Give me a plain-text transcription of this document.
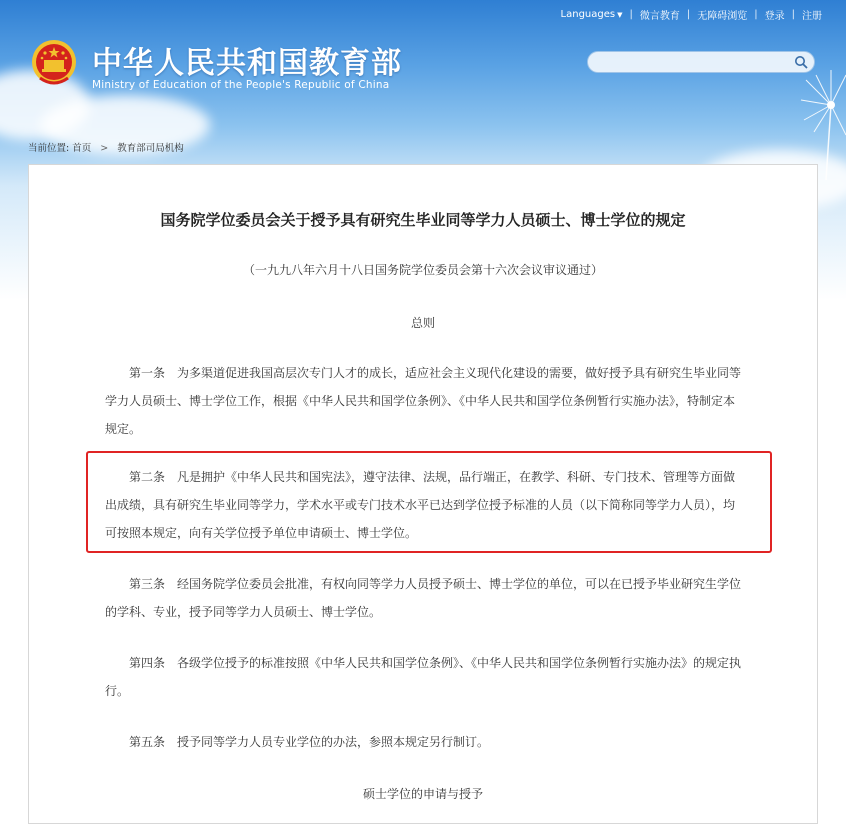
Languages ▼ | 微言教育 | 无障碍浏览 | 登录 | 注册
中华人民共和国教育部
Ministry of Education of the People's Republic of China
当前位置: 首页 > 教育部司局机构
国务院学位委员会关于授予具有研究生毕业同等学力人员硕士、博士学位的规定
（一九九八年六月十八日国务院学位委员会第十六次会议审议通过）
总则

第一条　为多渠道促进我国高层次专门人才的成长，适应社会主义现代化建设的需要，做好授予具有研究生毕业同等学力人员硕士、博士学位工作，根据《中华人民共和国学位条例》、《中华人民共和国学位条例暂行实施办法》，特制定本规定。

第二条　凡是拥护《中华人民共和国宪法》，遵守法律、法规，品行端正，在教学、科研、专门技术、管理等方面做出成绩，具有研究生毕业同等学力，学术水平或专门技术水平已达到学位授予标准的人员（以下简称同等学力人员），均可按照本规定，向有关学位授予单位申请硕士、博士学位。

第三条　经国务院学位委员会批准，有权向同等学力人员授予硕士、博士学位的单位，可以在已授予毕业研究生学位的学科、专业，授予同等学力人员硕士、博士学位。

第四条　各级学位授予的标准按照《中华人民共和国学位条例》、《中华人民共和国学位条例暂行实施办法》的规定执行。

第五条　授予同等学力人员专业学位的办法，参照本规定另行制订。

硕士学位的申请与授予
